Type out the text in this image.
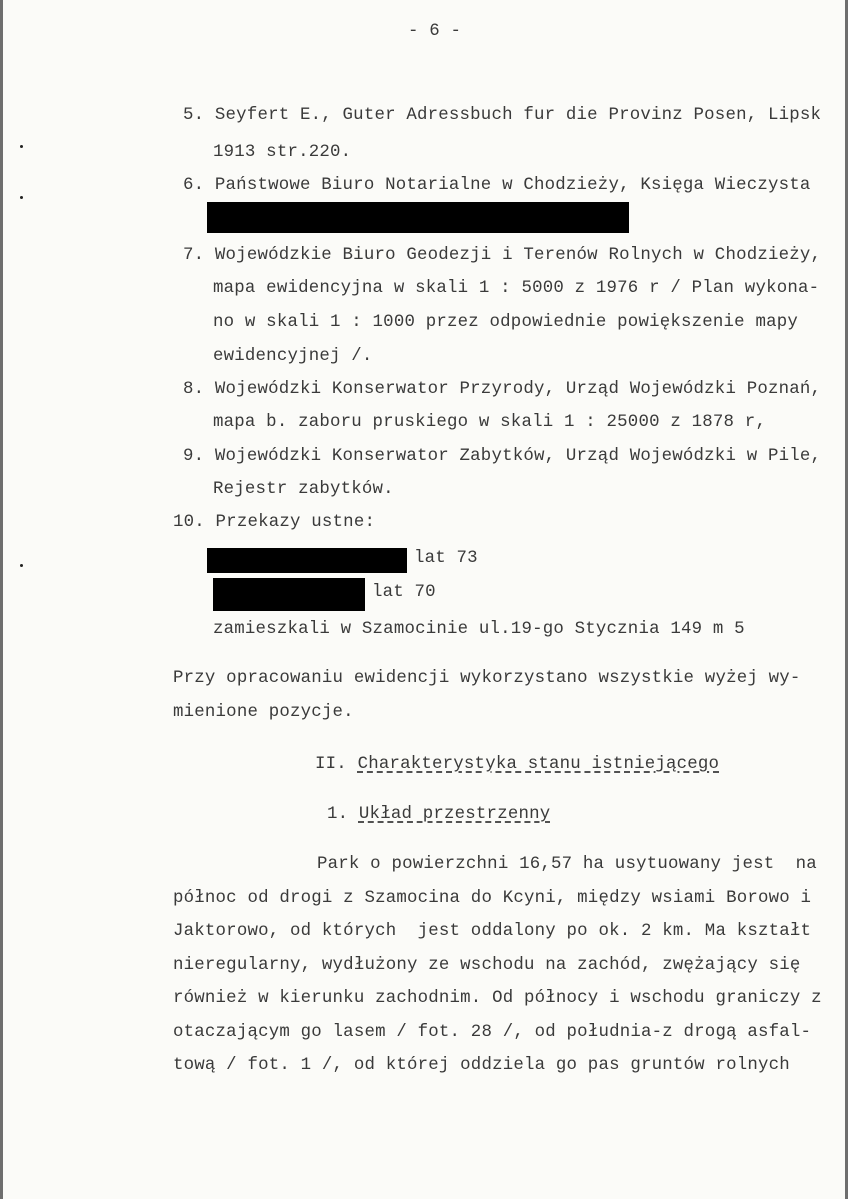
- 6 -
5. Seyfert E., Guter Adressbuch fur die Provinz Posen, Lipsk
1913 str.220.
6. Państwowe Biuro Notarialne w Chodzieży, Księga Wieczysta
7. Wojewódzkie Biuro Geodezji i Terenów Rolnych w Chodzieży,
mapa ewidencyjna w skali 1 : 5000 z 1976 r / Plan wykona-
no w skali 1 : 1000 przez odpowiednie powiększenie mapy
ewidencyjnej /.
8. Wojewódzki Konserwator Przyrody, Urząd Wojewódzki Poznań,
mapa b. zaboru pruskiego w skali 1 : 25000 z 1878 r,
9. Wojewódzki Konserwator Zabytków, Urząd Wojewódzki w Pile,
Rejestr zabytków.
10. Przekazy ustne:
lat 73
lat 70
zamieszkali w Szamocinie ul.19-go Stycznia 149 m 5
Przy opracowaniu ewidencji wykorzystano wszystkie wyżej wy-
mienione pozycje.
II. Charakterystyka stanu istniejącego
1. Układ przestrzenny
Park o powierzchni 16,57 ha usytuowany jest  na
północ od drogi z Szamocina do Kcyni, między wsiami Borowo i
Jaktorowo, od których  jest oddalony po ok. 2 km. Ma kształt
nieregularny, wydłużony ze wschodu na zachód, zwężający się
również w kierunku zachodnim. Od północy i wschodu graniczy z
otaczającym go lasem / fot. 28 /, od południa-z drogą asfal-
tową / fot. 1 /, od której oddziela go pas gruntów rolnych
